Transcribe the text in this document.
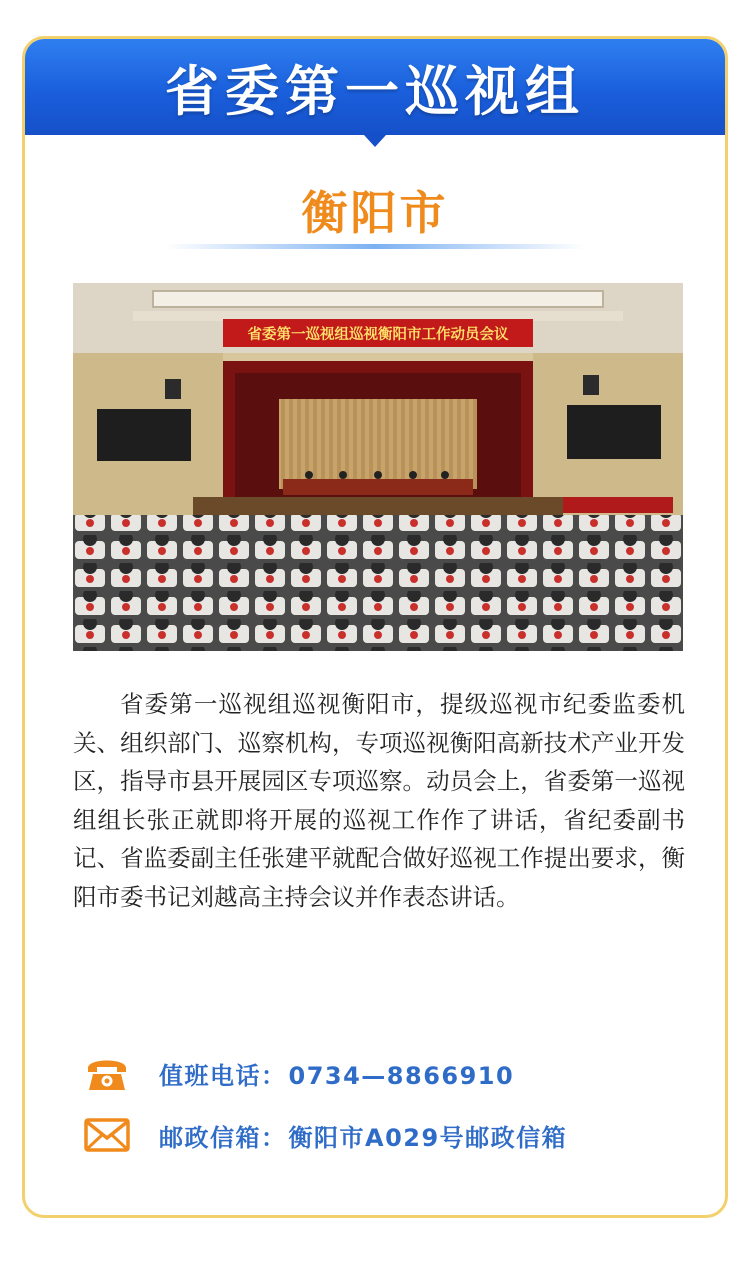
省委第一巡视组
衡阳市
省委第一巡视组巡视衡阳市工作动员会议

省委第一巡视组巡视衡阳市，提级巡视市纪委监委机关、组织部门、巡察机构，专项巡视衡阳高新技术产业开发区，指导市县开展园区专项巡察。动员会上，省委第一巡视组组长张正就即将开展的巡视工作作了讲话，省纪委副书记、省监委副主任张建平就配合做好巡视工作提出要求，衡阳市委书记刘越高主持会议并作表态讲话。

值班电话：0734—8866910
邮政信箱：衡阳市A029号邮政信箱
